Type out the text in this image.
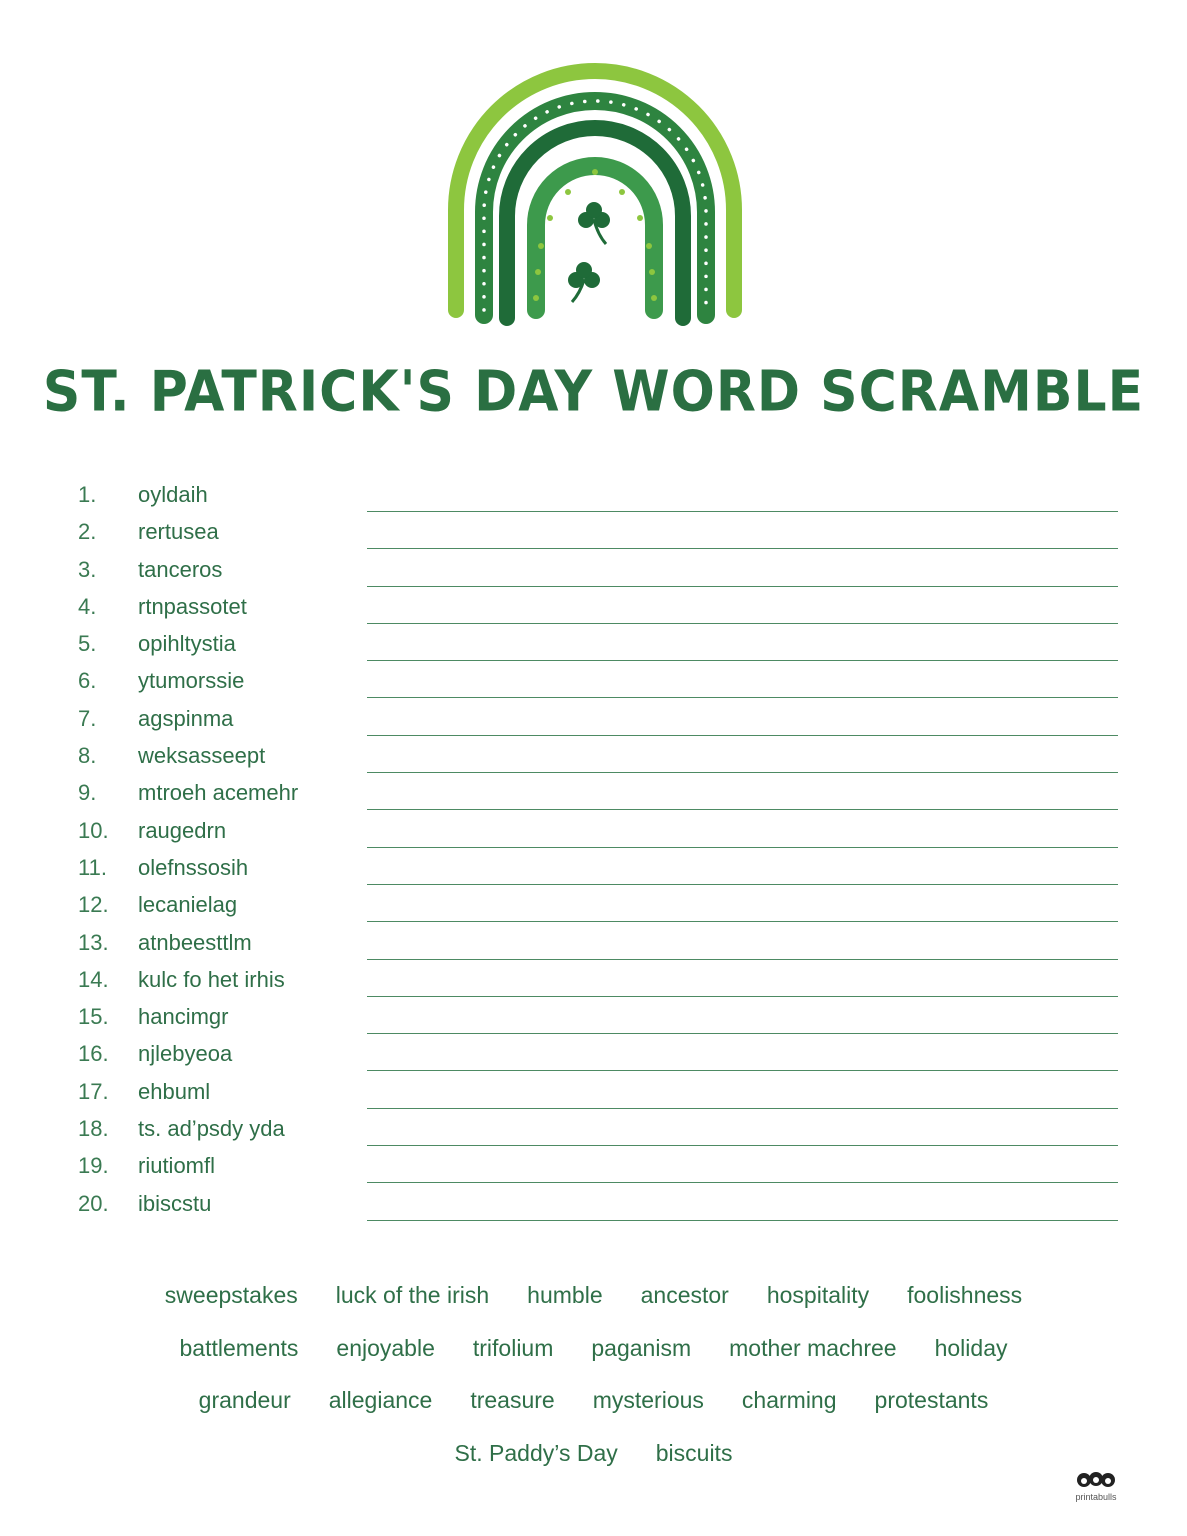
ST. PATRICK'S DAY WORD SCRAMBLE
1. oyldaih
2. rertusea
3. tanceros
4. rtnpassotet
5. opihltystia
6. ytumorssie
7. agspinma
8. weksasseept
9. mtroeh acemehr
10. raugedrn
11. olefnssosih
12. lecanielag
13. atnbeesttlm
14. kulc fo het irhis
15. hancimgr
16. njlebyeoa
17. ehbuml
18. ts. ad’psdy yda
19. riutiomfl
20. ibiscstu
sweepstakes luck of the irish humble ancestor hospitality foolishness
battlements enjoyable trifolium paganism mother machree holiday
grandeur allegiance treasure mysterious charming protestants
St. Paddy’s Day biscuits
printabulls
